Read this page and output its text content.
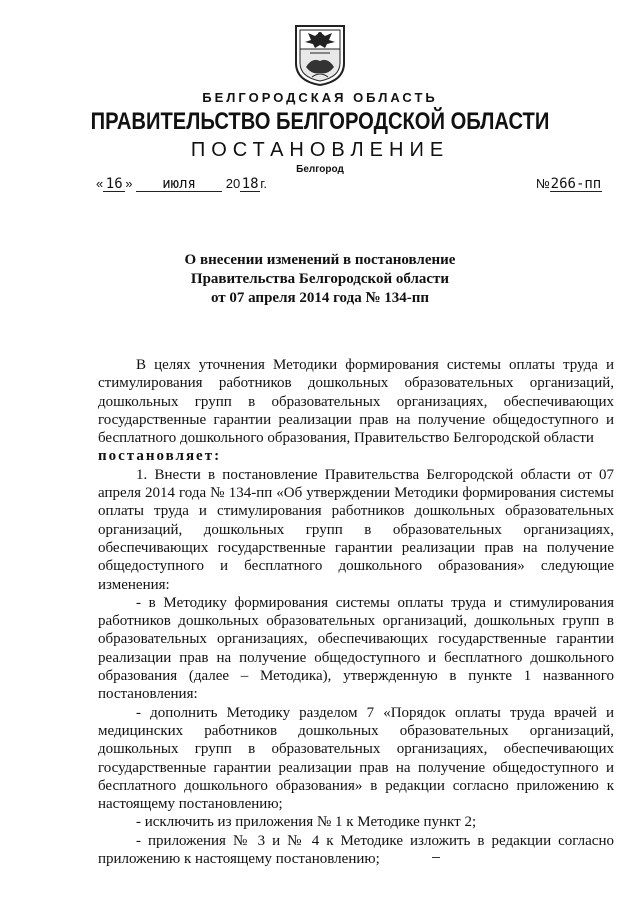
БЕЛГОРОДСКАЯ ОБЛАСТЬ
ПРАВИТЕЛЬСТВО БЕЛГОРОДСКОЙ ОБЛАСТИ
ПОСТАНОВЛЕНИЕ
Белгород
« 16 » июля 20 18 г.	№266-пп
О внесении изменений в постановление
Правительства Белгородской области
от 07 апреля 2014 года № 134-пп

В целях уточнения Методики формирования системы оплаты труда и стимулирования работников дошкольных образовательных организаций, дошкольных групп в образовательных организациях, обеспечивающих государственные гарантии реализации прав на получение общедоступного и бесплатного дошкольного образования, Правительство Белгородской области

постановляет:

1. Внести в постановление Правительства Белгородской области от 07 апреля 2014 года № 134-пп «Об утверждении Методики формирования системы оплаты труда и стимулирования работников дошкольных образовательных организаций, дошкольных групп в образовательных организациях, обеспечивающих государственные гарантии реализации прав на получение общедоступного и бесплатного дошкольного образования» следующие изменения:

- в Методику формирования системы оплаты труда и стимулирования работников дошкольных образовательных организаций, дошкольных групп в образовательных организациях, обеспечивающих государственные гарантии реализации прав на получение общедоступного и бесплатного дошкольного образования (далее – Методика), утвержденную в пункте 1 названного постановления:

- дополнить Методику разделом 7 «Порядок оплаты труда врачей и медицинских работников дошкольных образовательных организаций, дошкольных групп в образовательных организациях, обеспечивающих государственные гарантии реализации прав на получение общедоступного и бесплатного дошкольного образования» в редакции согласно приложению к настоящему постановлению;

- исключить из приложения № 1 к Методике пункт 2;

- приложения № 3 и № 4 к Методике изложить в редакции согласно приложению к настоящему постановлению;
